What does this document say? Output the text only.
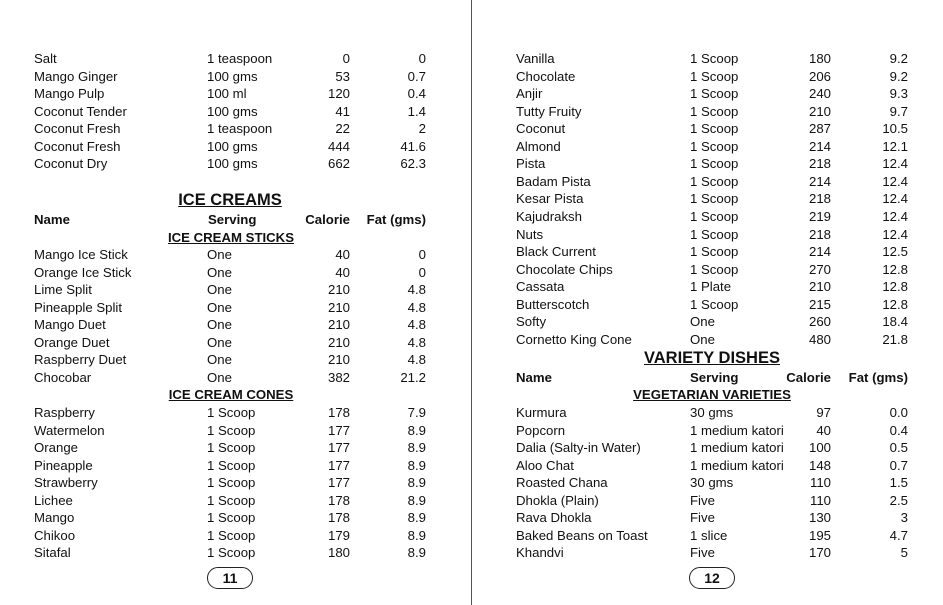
Salt	1 teaspoon	0	0
Mango Ginger	100 gms	53	0.7
Mango Pulp	100 ml	120	0.4
Coconut Tender	100 gms	41	1.4
Coconut Fresh	1 teaspoon	22	2
Coconut Fresh	100 gms	444	41.6
Coconut Dry	100 gms	662	62.3
ICE CREAMS
Name	Serving	Calorie	Fat (gms)
ICE CREAM STICKS
Mango Ice Stick	One	40	0
Orange Ice Stick	One	40	0
Lime Split	One	210	4.8
Pineapple Split	One	210	4.8
Mango Duet	One	210	4.8
Orange Duet	One	210	4.8
Raspberry Duet	One	210	4.8
Chocobar	One	382	21.2
ICE CREAM CONES
Raspberry	1 Scoop	178	7.9
Watermelon	1 Scoop	177	8.9
Orange	1 Scoop	177	8.9
Pineapple	1 Scoop	177	8.9
Strawberry	1 Scoop	177	8.9
Lichee	1 Scoop	178	8.9
Mango	1 Scoop	178	8.9
Chikoo	1 Scoop	179	8.9
Sitafal	1 Scoop	180	8.9
11
Vanilla	1 Scoop	180	9.2
Chocolate	1 Scoop	206	9.2
Anjir	1 Scoop	240	9.3
Tutty Fruity	1 Scoop	210	9.7
Coconut	1 Scoop	287	10.5
Almond	1 Scoop	214	12.1
Pista	1 Scoop	218	12.4
Badam Pista	1 Scoop	214	12.4
Kesar Pista	1 Scoop	218	12.4
Kajudraksh	1 Scoop	219	12.4
Nuts	1 Scoop	218	12.4
Black Current	1 Scoop	214	12.5
Chocolate Chips	1 Scoop	270	12.8
Cassata	1 Plate	210	12.8
Butterscotch	1 Scoop	215	12.8
Softy	One	260	18.4
Cornetto King Cone	One	480	21.8
VARIETY DISHES
Name	Serving	Calorie	Fat (gms)
VEGETARIAN VARIETIES
Kurmura	30 gms	97	0.0
Popcorn	1 medium katori	40	0.4
Dalia (Salty-in Water)	1 medium katori	100	0.5
Aloo Chat	1 medium katori	148	0.7
Roasted Chana	30 gms	110	1.5
Dhokla (Plain)	Five	110	2.5
Rava Dhokla	Five	130	3
Baked Beans on Toast	1 slice	195	4.7
Khandvi	Five	170	5
12
